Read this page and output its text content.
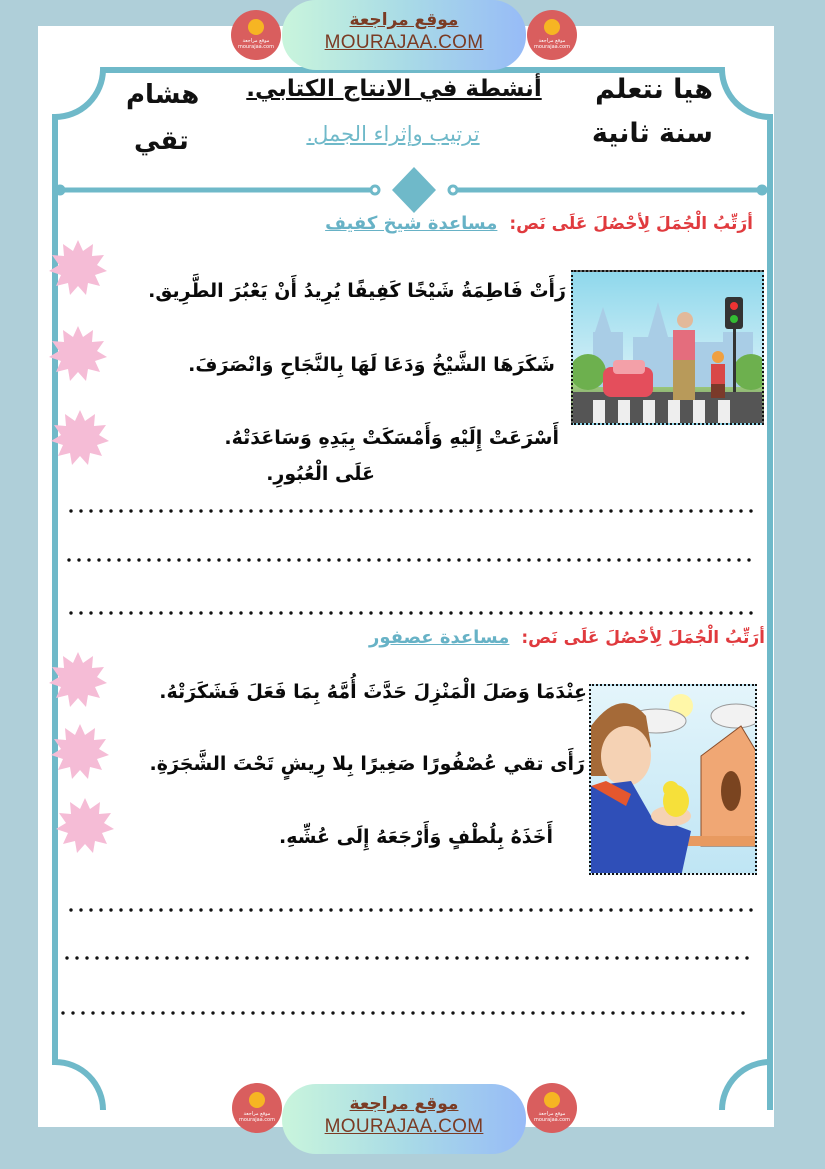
موقع مراجعة mourajaa.com
موقع مراجعة
MOURAJAA.COM	موقع مراجعة mourajaa.com
هيا نتعلم
سنة ثانية
هشام
تقي
أنشطة في الانتاج الكتابي.
ترتيب وإثراء الجمل.
أرَتِّبُ الْجُمَلَ لِأحْصُلَ عَلَى نَص: مساعدة شيخ كفيف
رَأَتْ فَاطِمَةُ شَيْخًا كَفِيفًا يُرِيدُ أَنْ يَعْبُرَ الطَّرِيق.
شَكَرَهَا الشَّيْخُ وَدَعَا لَهَا بِالنَّجَاحِ وَانْصَرَفَ.
أَسْرَعَتْ إِلَيْهِ وَأَمْسَكَتْ بِيَدِهِ وَسَاعَدَتْهُ.
عَلَى الْعُبُورِ.
أرَتِّبُ الْجُمَلَ لِأحْصُلَ عَلَى نَص: مساعدة عصفور
عِنْدَمَا وَصَلَ الْمَنْزِلَ حَدَّثَ أُمَّهُ بِمَا فَعَلَ فَشَكَرَتْهُ.
رَأَى تقي عُصْفُورًا صَغِيرًا بِلا رِيشٍ تَحْتَ الشَّجَرَةِ.
أَخَذَهُ بِلُطْفٍ وَأَرْجَعَهُ إِلَى عُشِّهِ.
موقع مراجعة mourajaa.com
موقع مراجعة
MOURAJAA.COM
موقع مراجعة mourajaa.com
